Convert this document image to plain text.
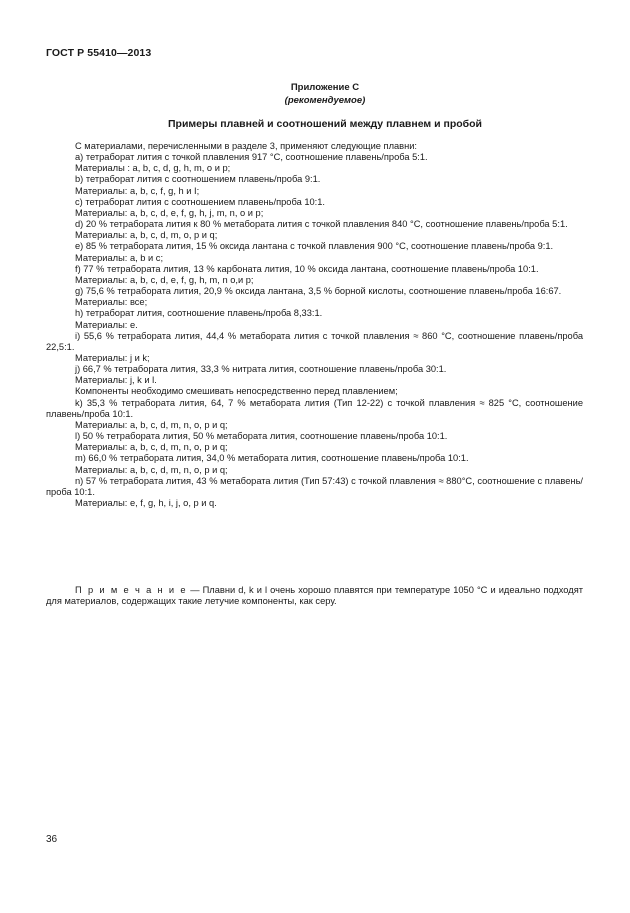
ГОСТ Р 55410—2013
Приложение C
(рекомендуемое)
Примеры плавней и соотношений между плавнем и пробой

С материалами, перечисленными в разделе 3, применяют следующие плавни:

a) тетраборат лития с точкой плавления 917 °С, соотношение плавень/проба 5:1.

Материалы : a, b, c, d, g, h, m, o и p;

b) тетраборат лития с соотношением плавень/проба 9:1.

Материалы: a, b, c, f, g, h и I;

c) тетраборат лития с соотношением плавень/проба 10:1.

Материалы: a, b, c, d, e, f, g, h, j, m, n, o и p;

d) 20 % тетрабората лития к 80 % метабората лития с точкой плавления 840 °С, соотношение плавень/проба 5:1.

Материалы: a, b, c, d, m, o, p и q;

e) 85 % тетрабората лития, 15 % оксида лантана с точкой плавления 900 °С, соотношение плавень/проба 9:1.

Материалы: a, b и с;

f) 77 % тетрабората лития, 13 % карбоната лития, 10 % оксида лантана, соотношение плавень/проба 10:1.

Материалы: a, b, c, d, e, f, g, h, m, n o,и p;

g) 75,6 % тетрабората лития, 20,9 % оксида лантана, 3,5 % борной кислоты, соотношение плавень/проба 16:67.

Материалы: все;

h) тетраборат лития, соотношение плавень/проба 8,33:1.

Материалы: e.

i) 55,6 % тетрабората лития, 44,4 % метабората лития с точкой плавления ≈ 860 °С, соотношение плавень/проба 22,5:1.

Материалы: j и k;

j) 66,7 % тетрабората лития, 33,3 % нитрата лития, соотношение плавень/проба 30:1.

Материалы: j, k и l.

Компоненты необходимо смешивать непосредственно перед плавлением;

k) 35,3 % тетрабората лития, 64, 7 % метабората лития (Тип 12-22) с точкой плавления ≈ 825 °С, соотношение плавень/проба 10:1.

Материалы: a, b, c, d, m, n, o, p и q;

l) 50 % тетрабората лития, 50 % метабората лития, соотношение плавень/проба 10:1.

Материалы: a, b, c, d, m, n, o, p и q;

m) 66,0 % тетрабората лития, 34,0 % метабората лития, соотношение плавень/проба 10:1.

Материалы: a, b, c, d, m, n, o, p и q;

n) 57 % тетрабората лития, 43 % метабората лития (Тип 57:43) с точкой плавления ≈ 880°С, соотношение с плавень/проба 10:1.

Материалы: e, f, g, h, i, j, o, p и q.

П р и м е ч а н и е — Плавни d, k и l очень хорошо плавятся при температуре 1050 °С и идеально подходят для материалов, содержащих такие летучие компоненты, как серу.

36
